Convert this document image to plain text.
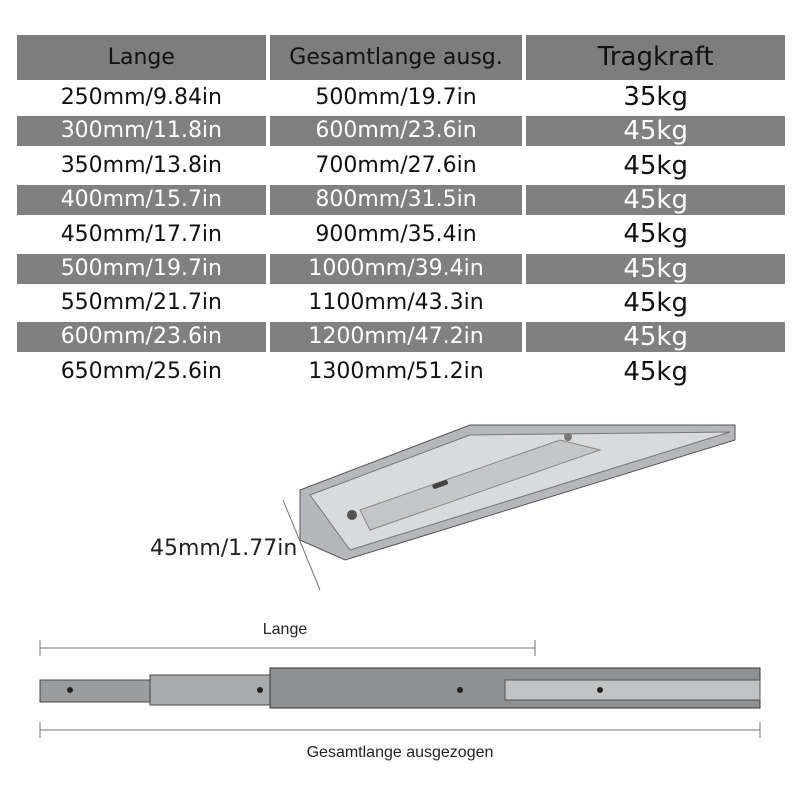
Lange	Gesamtlange ausg.	Tragkraft
250mm/9.84in	500mm/19.7in	35kg
300mm/11.8in	600mm/23.6in	45kg
350mm/13.8in	700mm/27.6in	45kg
400mm/15.7in	800mm/31.5in	45kg
450mm/17.7in	900mm/35.4in	45kg
500mm/19.7in	1000mm/39.4in	45kg
550mm/21.7in	1100mm/43.3in	45kg
600mm/23.6in	1200mm/47.2in	45kg
650mm/25.6in	1300mm/51.2in	45kg
45mm/1.77in
Lange
Gesamtlange ausgezogen
